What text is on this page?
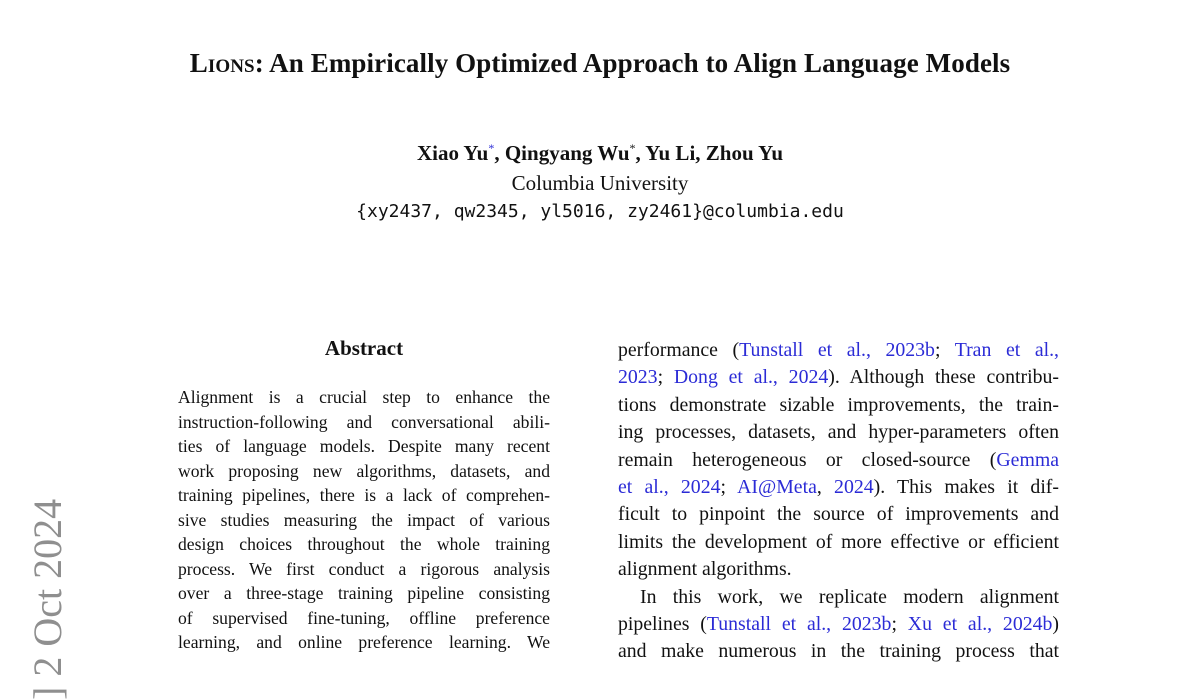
Lions: An Empirically Optimized Approach to Align Language Models
Xiao Yu*, Qingyang Wu*, Yu Li, Zhou Yu
Columbia University
{xy2437, qw2345, yl5016, zy2461}@columbia.edu
] 2 Oct 2024
Abstract
Alignment is a crucial step to enhance the
instruction-following and conversational abili-
ties of language models. Despite many recent
work proposing new algorithms, datasets, and
training pipelines, there is a lack of comprehen-
sive studies measuring the impact of various
design choices throughout the whole training
process. We first conduct a rigorous analysis
over a three-stage training pipeline consisting
of supervised fine-tuning, offline preference
learning, and online preference learning. We
performance (Tunstall et al., 2023b; Tran et al.,
2023; Dong et al., 2024). Although these contribu-
tions demonstrate sizable improvements, the train-
ing processes, datasets, and hyper-parameters often
remain heterogeneous or closed-source (Gemma
et al., 2024; AI@Meta, 2024). This makes it dif-
ficult to pinpoint the source of improvements and
limits the development of more effective or efficient
alignment algorithms.
In this work, we replicate modern alignment
pipelines (Tunstall et al., 2023b; Xu et al., 2024b)
and make numerous in the training process that
